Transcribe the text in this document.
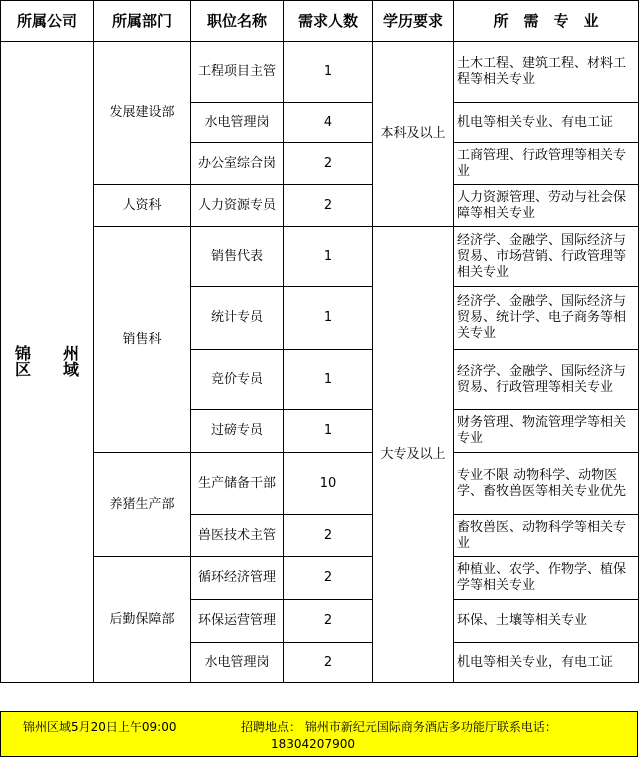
所属公司	所属部门	职位名称	需求人数	学历要求	所　需　专　业

锦　　州
区　　域	发展建设部	工程项目主管	1	本科及以上	土木工程、建筑工程、材料工程等相关专业
		水电管理岗	4		机电等相关专业、有电工证
		办公室综合岗	2		工商管理、行政管理等相关专业
	人资科	人力资源专员	2		人力资源管理、劳动与社会保障等相关专业
	销售科	销售代表	1	大专及以上	经济学、金融学、国际经济与贸易、市场营销、行政管理等相关专业
		统计专员	1		经济学、金融学、国际经济与贸易、统计学、电子商务等相关专业
		竞价专员	1		经济学、金融学、国际经济与贸易、行政管理等相关专业
		过磅专员	1		财务管理、物流管理学等相关专业
	养猪生产部	生产储备干部	10		专业不限 动物科学、动物医学、畜牧兽医等相关专业优先
		兽医技术主管	2		畜牧兽医、动物科学等相关专业
	后勤保障部	循环经济管理	2		种植业、农学、作物学、植保学等相关专业
		环保运营管理	2		环保、土壤等相关专业
		水电管理岗	2		机电等相关专业，有电工证
锦州区域5月20日上午09:00	招聘地点： 锦州市新纪元国际商务酒店多功能厅联系电话：
18304207900
